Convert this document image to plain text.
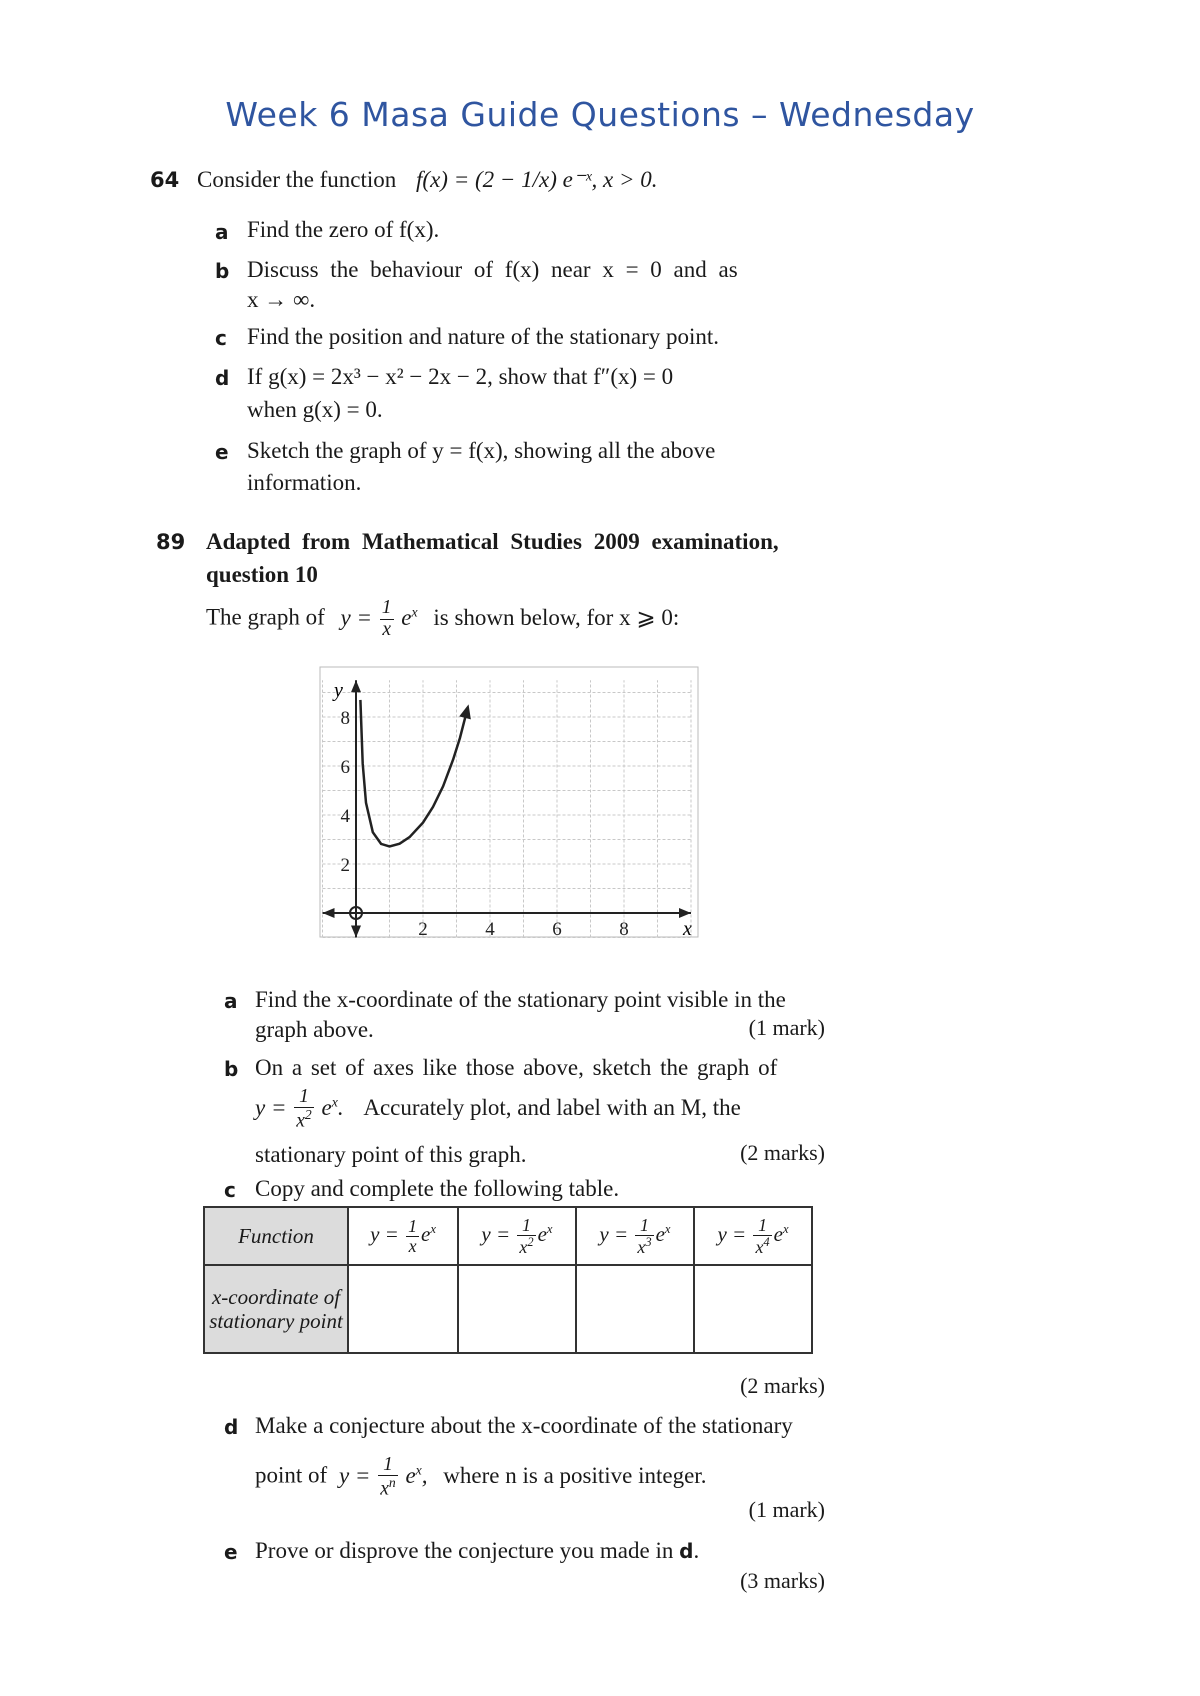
Week 6 Masa Guide Questions – Wednesday
64 Consider the function f(x) = (2 − 1/x) e⁻ˣ, x > 0.
a Find the zero of f(x).
b Discuss the behaviour of f(x) near x = 0 and as
x → ∞.
c Find the position and nature of the stationary point.
d If g(x) = 2x³ − x² − 2x − 2, show that f″(x) = 0
when g(x) = 0.
e Sketch the graph of y = f(x), showing all the above
information.
89 Adapted from Mathematical Studies 2009 examination,
question 10
The graph of $y = \frac{1}{x} e^x$ is shown below, for x ⩾ 0:
2	4	6	8
2
4
6
8
x
y
a Find the x-coordinate of the stationary point visible in the
graph above.	(1 mark)
b On a set of axes like those above, sketch the graph of
$y = \frac{1}{x^2} e^x$. Accurately plot, and label with an M, the
stationary point of this graph.	(2 marks)
c Copy and complete the following table.
Function	$y = \frac{1}{x} e^x$	$y = \frac{1}{x^2} e^x$	$y = \frac{1}{x^3} e^x$	$y = \frac{1}{x^4} e^x$
x-coordinate of stationary point				
(2 marks)
d Make a conjecture about the x-coordinate of the stationary
point of $y = \frac{1}{x^n} e^x$, where n is a positive integer.
(1 mark)
e Prove or disprove the conjecture you made in d.
(3 marks)
